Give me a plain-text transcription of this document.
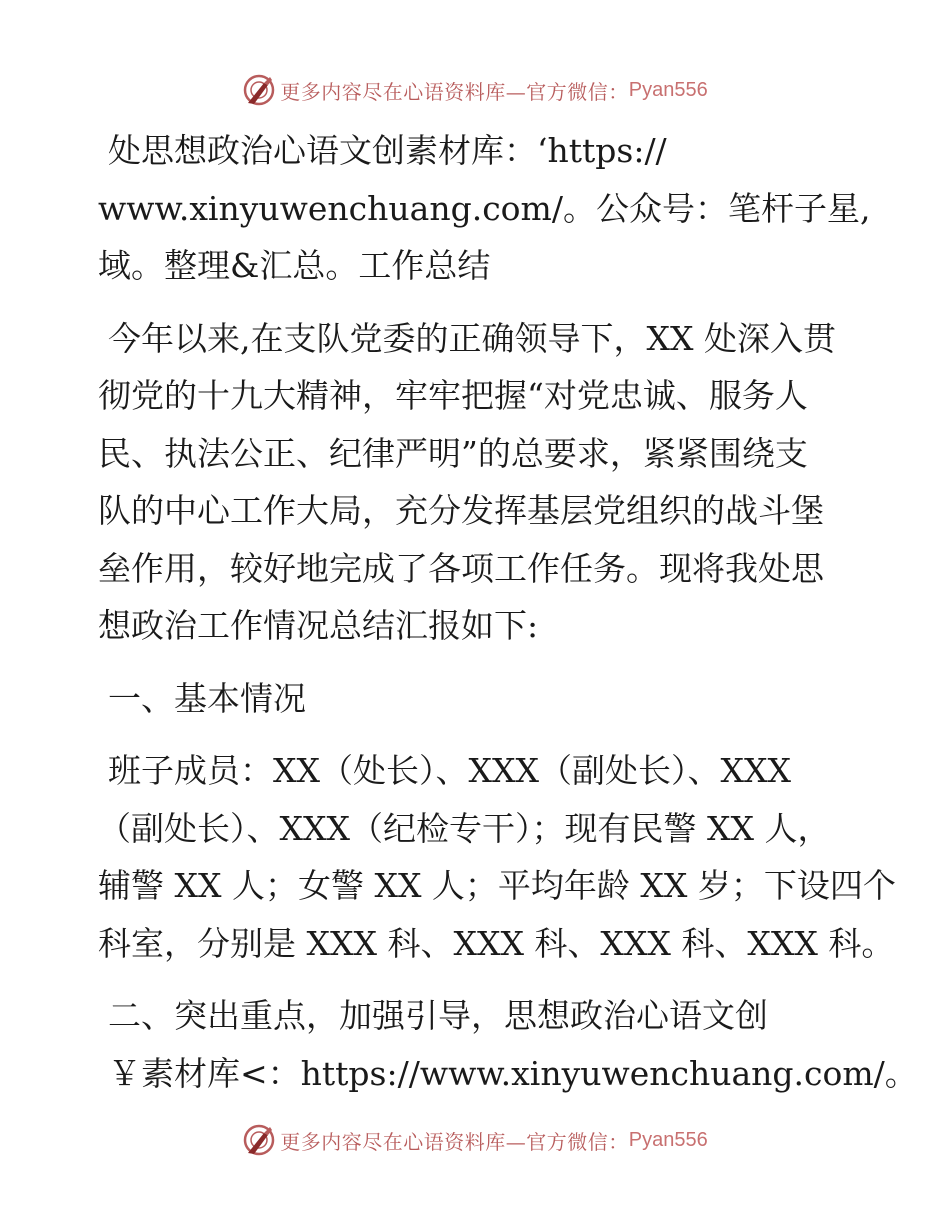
更多内容尽在心语资料库—官方微信： Pyan556
处思想政治心语文创素材库：‘https://
www.xinyuwenchuang.com/。公众号：笔杆子星,
域。整理&汇总。工作总结
今年以来,在支队党委的正确领导下，XX 处深入贯
彻党的十九大精神，牢牢把握“对党忠诚、服务人
民、执法公正、纪律严明”的总要求，紧紧围绕支
队的中心工作大局，充分发挥基层党组织的战斗堡
垒作用，较好地完成了各项工作任务。现将我处思
想政治工作情况总结汇报如下:
一、基本情况
班子成员：XX（处长）、XXX（副处长）、XXX
（副处长）、XXX（纪检专干）；现有民警 XX 人，
辅警 XX 人；女警 XX 人；平均年龄 XX 岁；下设四个
科室，分别是 XXX 科、XXX 科、XXX 科、XXX 科。
二、突出重点，加强引导，思想政治心语文创
￥素材库<：https://www.xinyuwenchuang.com/。
更多内容尽在心语资料库—官方微信： Pyan556
